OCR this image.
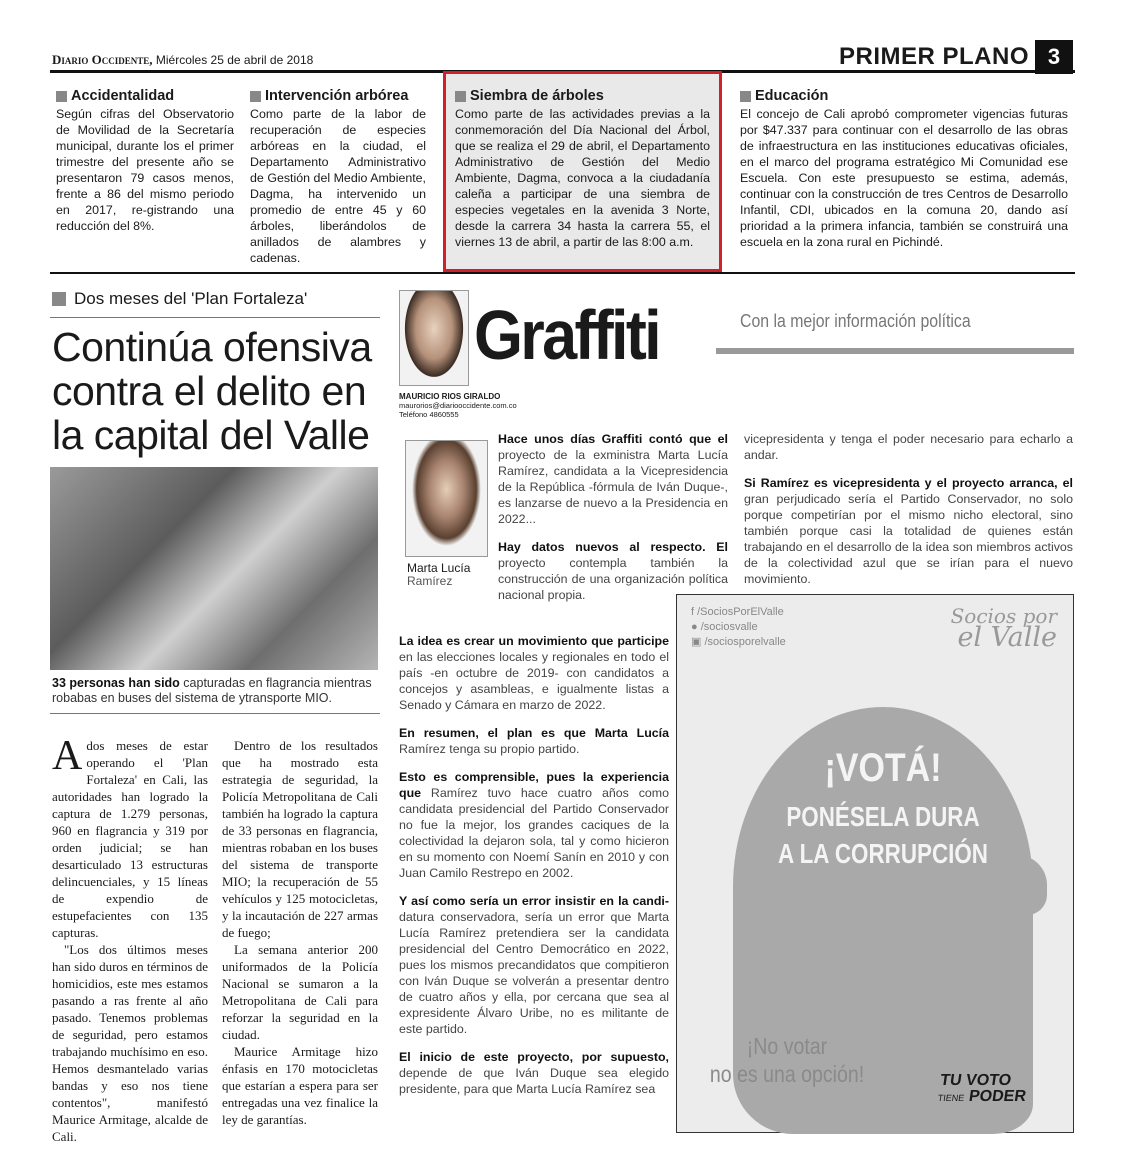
Diario Occidente, Miércoles 25 de abril de 2018	PRIMER PLANO 3
Accidentalidad

Según cifras del Observatorio de Movilidad de la Secretaría municipal, durante los el primer trimestre del presente año se presentaron 79 casos menos, frente a 86 del mismo periodo en 2017, re-gistrando una reducción del 8%.

Intervención arbórea

Como parte de la labor de recuperación de especies arbóreas en la ciudad, el Departamento Administrativo de Gestión del Medio Ambiente, Dagma, ha intervenido un promedio de entre 45 y 60 árboles, liberándolos de anillados de alambres y cadenas.

Siembra de árboles

Como parte de las actividades previas a la conmemoración del Día Nacional del Árbol, que se realiza el 29 de abril, el Departamento Administrativo de Gestión del Medio Ambiente, Dagma, convoca a la ciudadanía caleña a participar de una siembra de especies vegetales en la avenida 3 Norte, desde la carrera 34 hasta la carrera 55, el viernes 13 de abril, a partir de las 8:00 a.m.

Educación

El concejo de Cali aprobó comprometer vigencias futuras por $47.337 para continuar con el desarrollo de las obras de infraestructura en las instituciones educativas oficiales, en el marco del programa estratégico Mi Comunidad ese Escuela. Con este presupuesto se estima, además, continuar con la construcción de tres Centros de Desarrollo Infantil, CDI, ubicados en la comuna 20, dando así prioridad a la primera infancia, también se construirá una escuela en la zona rural en Pichindé.

Dos meses del 'Plan Fortaleza'
Continúa ofensiva contra el delito en la capital del Valle
33 personas han sido capturadas en flagrancia mientras robabas en buses del sistema de ytransporte MIO.

Ados meses de estar operando el 'Plan Fortaleza' en Cali, las autoridades han logrado la captura de 1.279 personas, 960 en flagrancia y 319 por orden judicial; se han desarticulado 13 estructuras delincuenciales, y 15 líneas de expendio de estupefacientes con 135 capturas.

"Los dos últimos meses han sido duros en términos de homicidios, este mes estamos pasando a ras frente al año pasado. Tenemos problemas de seguridad, pero estamos trabajando muchísimo en eso. Hemos desmantelado varias bandas y eso nos tiene contentos", manifestó Maurice Armitage, alcalde de Cali.

Dentro de los resultados que ha mostrado esta estrategia de seguridad, la Policía Metropolitana de Cali también ha logrado la captura de 33 personas en flagrancia, mientras robaban en los buses del sistema de transporte MIO; la recuperación de 55 vehículos y 125 motocicletas, y la incautación de 227 armas de fuego;

La semana anterior 200 uniformados de la Policía Nacional se sumaron a la Metropolitana de Cali para reforzar la seguridad en la ciudad.

Maurice Armitage hizo énfasis en 170 motocicletas que estarían a espera para ser entregadas una vez finalice la ley de garantías.

Graffiti	Con la mejor información política
MAURICIO RIOS GIRALDO
maurorios@diariooccidente.com.co
Teléfono 4860555
Marta Lucía
Ramírez

Hace unos días Graffiti contó que el proyecto de la exministra Marta Lucía Ramírez, candidata a la Vicepresidencia de la República -fórmula de Iván Duque-, es lanzarse de nuevo a la Presidencia en 2022...

Hay datos nuevos al respecto. El proyecto contempla también la construcción de una organización política nacional propia.

La idea es crear un movimiento que participe en las elecciones locales y regionales en todo el país -en octubre de 2019- con candidatos a concejos y asambleas, e igualmente listas a Senado y Cámara en marzo de 2022.

En resumen, el plan es que Marta Lucía Ramírez tenga su propio partido.

Esto es comprensible, pues la experiencia que Ramírez tuvo hace cuatro años como candidata presidencial del Partido Conservador no fue la mejor, los grandes caciques de la colectividad la dejaron sola, tal y como hicieron en su momento con Noemí Sanín en 2010 y con Juan Camilo Restrepo en 2002.

Y así como sería un error insistir en la candi-datura conservadora, sería un error que Marta Lucía Ramírez pretendiera ser la candidata presidencial del Centro Democrático en 2022, pues los mismos precandidatos que compitieron con Iván Duque se volverán a presentar dentro de cuatro años y ella, por cercana que sea al expresidente Álvaro Uribe, no es militante de este partido.

El inicio de este proyecto, por supuesto, depende de que Iván Duque sea elegido presidente, para que Marta Lucía Ramírez sea

vicepresidenta y tenga el poder necesario para echarlo a andar.

Si Ramírez es vicepresidenta y el proyecto arranca, el gran perjudicado sería el Partido Conservador, no solo porque competirían por el mismo nicho electoral, sino también porque casi la totalidad de quienes están trabajando en el desarrollo de la idea son miembros activos de la colectividad azul que se irían para el nuevo movimiento.

f /SociosPorElValle
● /sociosvalle
▣ /sociosporelvalle
Socios por
el Valle
¡VOTÁ!
PONÉSELA DURA
A LA CORRUPCIÓN
¡No votar
no es una opción!	TU VOTO
TIENE PODER
